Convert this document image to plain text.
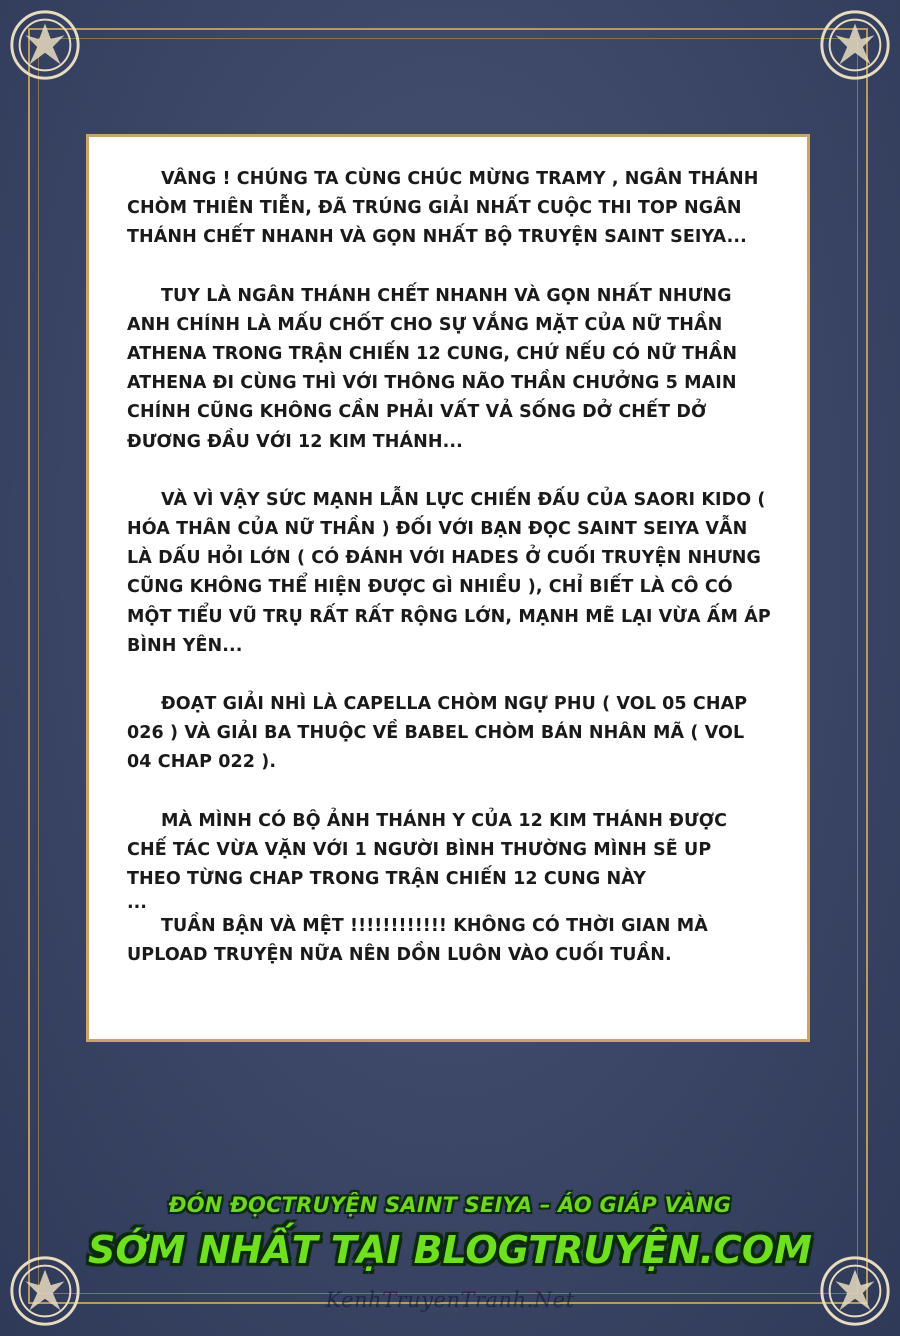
VÂNG ! CHÚNG TA CÙNG CHÚC MỪNG TRAMY , NGÂN THÁNH CHÒM THIÊN TIỄN, ĐÃ TRÚNG GIẢI NHẤT CUỘC THI TOP NGÂN THÁNH CHẾT NHANH VÀ GỌN NHẤT BỘ TRUYỆN SAINT SEIYA...

TUY LÀ NGÂN THÁNH CHẾT NHANH VÀ GỌN NHẤT NHƯNG ANH CHÍNH LÀ MẤU CHỐT CHO SỰ VẮNG MẶT CỦA NỮ THẦN ATHENA TRONG TRẬN CHIẾN 12 CUNG, CHỨ NẾU CÓ NỮ THẦN ATHENA ĐI CÙNG THÌ VỚI THÔNG NÃO THẦN CHƯỞNG 5 MAIN CHÍNH CŨNG KHÔNG CẦN PHẢI VẤT VẢ SỐNG DỞ CHẾT DỞ ĐƯƠNG ĐẦU VỚI 12 KIM THÁNH...

VÀ VÌ VẬY SỨC MẠNH LẪN LỰC CHIẾN ĐẤU CỦA SAORI KIDO ( HÓA THÂN CỦA NỮ THẦN ) ĐỐI VỚI BẠN ĐỌC SAINT SEIYA VẪN LÀ DẤU HỎI LỚN ( CÓ ĐÁNH VỚI HADES Ở CUỐI TRUYỆN NHƯNG CŨNG KHÔNG THỂ HIỆN ĐƯỢC GÌ NHIỀU ), CHỈ BIẾT LÀ CÔ CÓ MỘT TIỂU VŨ TRỤ RẤT RẤT RỘNG LỚN, MẠNH MẼ LẠI VỪA ẤM ÁP BÌNH YÊN...

ĐOẠT GIẢI NHÌ LÀ CAPELLA CHÒM NGỰ PHU ( VOL 05 CHAP 026 ) VÀ GIẢI BA THUỘC VỀ BABEL CHÒM BÁN NHÂN MÃ ( VOL 04 CHAP 022 ).

MÀ MÌNH CÓ BỘ ẢNH THÁNH Y CỦA 12 KIM THÁNH ĐƯỢC CHẾ TÁC VỪA VẶN VỚI 1 NGƯỜI BÌNH THƯỜNG MÌNH SẼ UP THEO TỪNG CHAP TRONG TRẬN CHIẾN 12 CUNG NÀY

...

TUẦN BẬN VÀ MỆT !!!!!!!!!!!! KHÔNG CÓ THỜI GIAN MÀ UPLOAD TRUYỆN NỮA NÊN DỒN LUÔN VÀO CUỐI TUẦN.

ĐÓN ĐỌCTRUYỆN SAINT SEIYA – ÁO GIÁP VÀNG
SỚM NHẤT TẠI BLOGTRUYỆN.COM
KenhTruyenTranh.Net
